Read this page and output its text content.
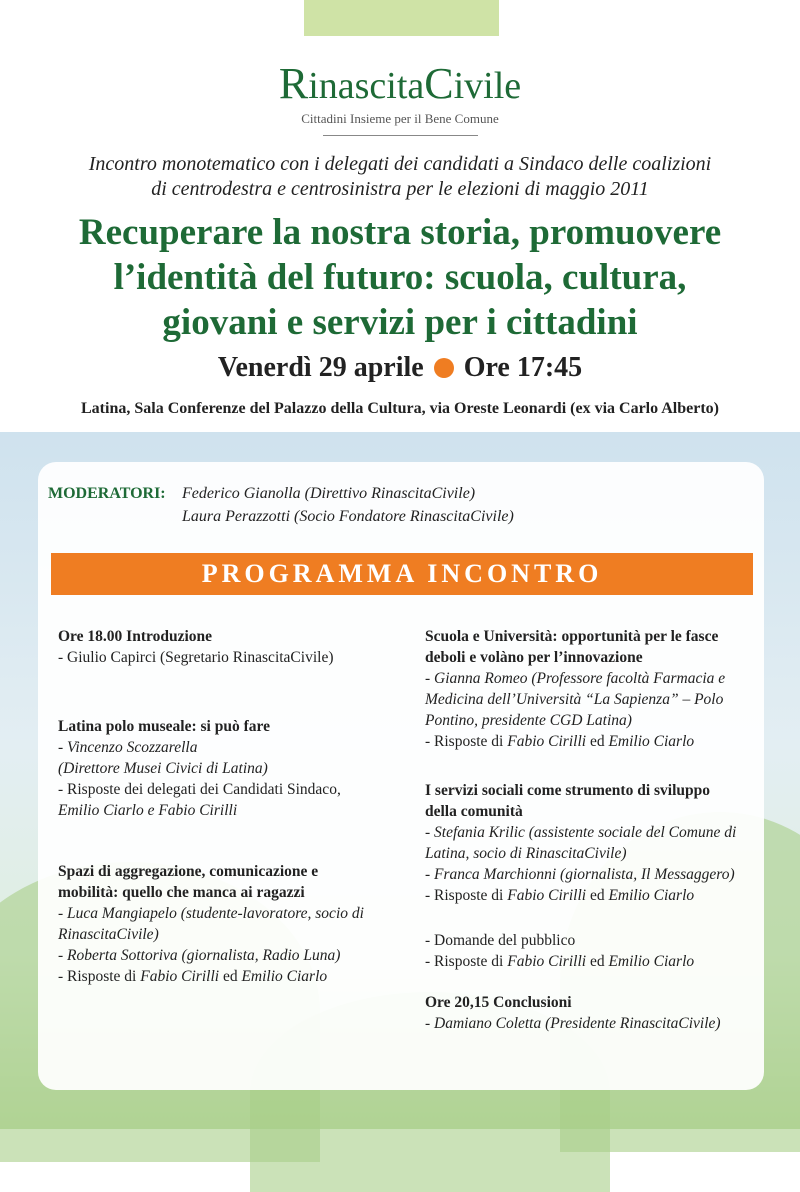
RinascitaCivile
Cittadini Insieme per il Bene Comune
Incontro monotematico con i delegati dei candidati a Sindaco delle coalizioni
di centrodestra e centrosinistra per le elezioni di maggio 2011
Recuperare la nostra storia, promuovere
l’identità del futuro: scuola, cultura,
giovani e servizi per i cittadini
Venerdì 29 aprile Ore 17:45
Latina, Sala Conferenze del Palazzo della Cultura, via Oreste Leonardi (ex via Carlo Alberto)
MODERATORI: Federico Gianolla (Direttivo RinascitaCivile)
Laura Perazzotti (Socio Fondatore RinascitaCivile)
PROGRAMMA INCONTRO

Ore 18.00 Introduzione

- Giulio Capirci (Segretario RinascitaCivile)

Latina polo museale: si può fare

- Vincenzo Scozzarella

(Direttore Musei Civici di Latina)

- Risposte dei delegati dei Candidati Sindaco,

Emilio Ciarlo e Fabio Cirilli

Spazi di aggregazione, comunicazione e

mobilità: quello che manca ai ragazzi

- Luca Mangiapelo (studente-lavoratore, socio di

RinascitaCivile)

- Roberta Sottoriva (giornalista, Radio Luna)

- Risposte di Fabio Cirilli ed Emilio Ciarlo

Scuola e Università: opportunità per le fasce

deboli e volàno per l’innovazione

- Gianna Romeo (Professore facoltà Farmacia e

Medicina dell’Università “La Sapienza” – Polo

Pontino, presidente CGD Latina)

- Risposte di Fabio Cirilli ed Emilio Ciarlo

I servizi sociali come strumento di sviluppo

della comunità

- Stefania Krilic (assistente sociale del Comune di

Latina, socio di RinascitaCivile)

- Franca Marchionni (giornalista, Il Messaggero)

- Risposte di Fabio Cirilli ed Emilio Ciarlo

- Domande del pubblico

- Risposte di Fabio Cirilli ed Emilio Ciarlo

Ore 20,15 Conclusioni

- Damiano Coletta (Presidente RinascitaCivile)
